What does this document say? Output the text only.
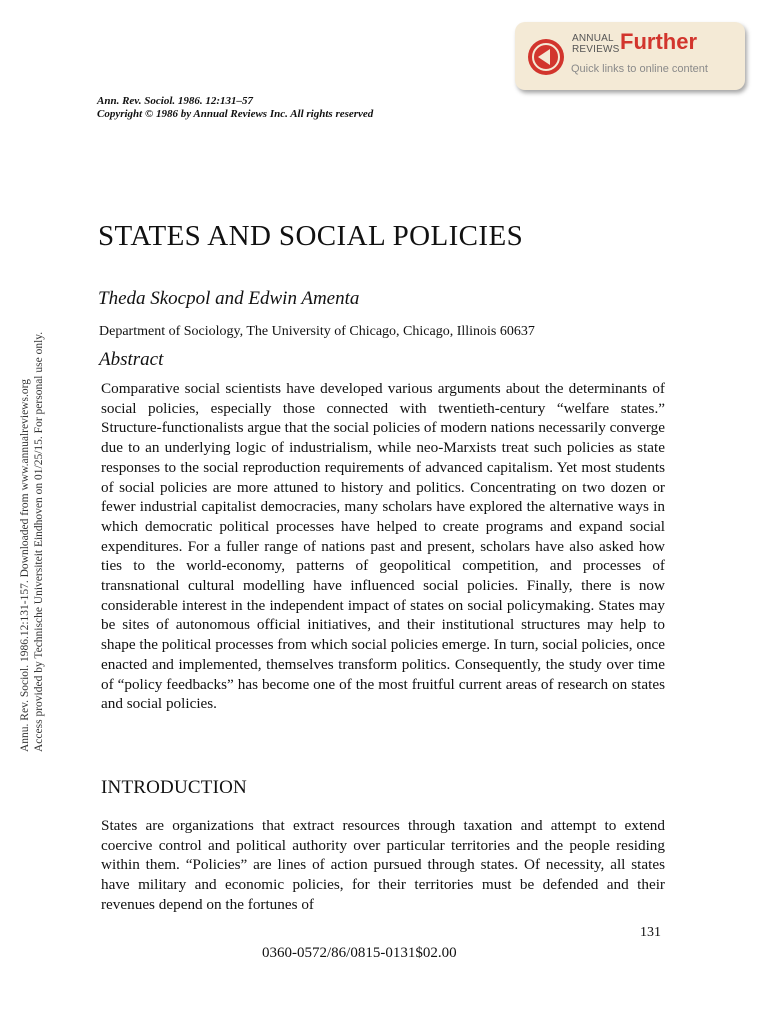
ANNUAL
REVIEWS Further
Quick links to online content
Ann. Rev. Sociol. 1986. 12:131–57
Copyright © 1986 by Annual Reviews Inc. All rights reserved
STATES AND SOCIAL POLICIES
Theda Skocpol and Edwin Amenta
Department of Sociology, The University of Chicago, Chicago, Illinois 60637
Abstract

Comparative social scientists have developed various arguments about the determinants of social policies, especially those connected with twentieth-century “welfare states.” Structure-functionalists argue that the social policies of modern nations necessarily converge due to an underlying logic of industrialism, while neo-Marxists treat such policies as state responses to the social reproduction requirements of advanced capitalism. Yet most students of social policies are more attuned to history and politics. Concentrating on two dozen or fewer industrial capitalist democracies, many scholars have explored the alternative ways in which democratic political processes have helped to create programs and expand social expenditures. For a fuller range of nations past and present, scholars have also asked how ties to the world-economy, patterns of geopolitical competition, and processes of transnational cultural modelling have influenced social policies. Finally, there is now considerable interest in the independent impact of states on social policymaking. States may be sites of autonomous official initiatives, and their institutional structures may help to shape the political processes from which social policies emerge. In turn, social policies, once enacted and implemented, themselves transform politics. Consequently, the study over time of “policy feedbacks” has become one of the most fruitful current areas of research on states and social policies.

INTRODUCTION

States are organizations that extract resources through taxation and attempt to extend coercive control and political authority over particular territories and the people residing within them. “Policies” are lines of action pursued through states. Of necessity, all states have military and economic policies, for their territories must be defended and their revenues depend on the fortunes of

131
0360-0572/86/0815-0131$02.00
Annu. Rev. Sociol. 1986.12:131-157. Downloaded from www.annualreviews.org Access provided by Technische Universiteit Eindhoven on 01/25/15. For personal use only.
